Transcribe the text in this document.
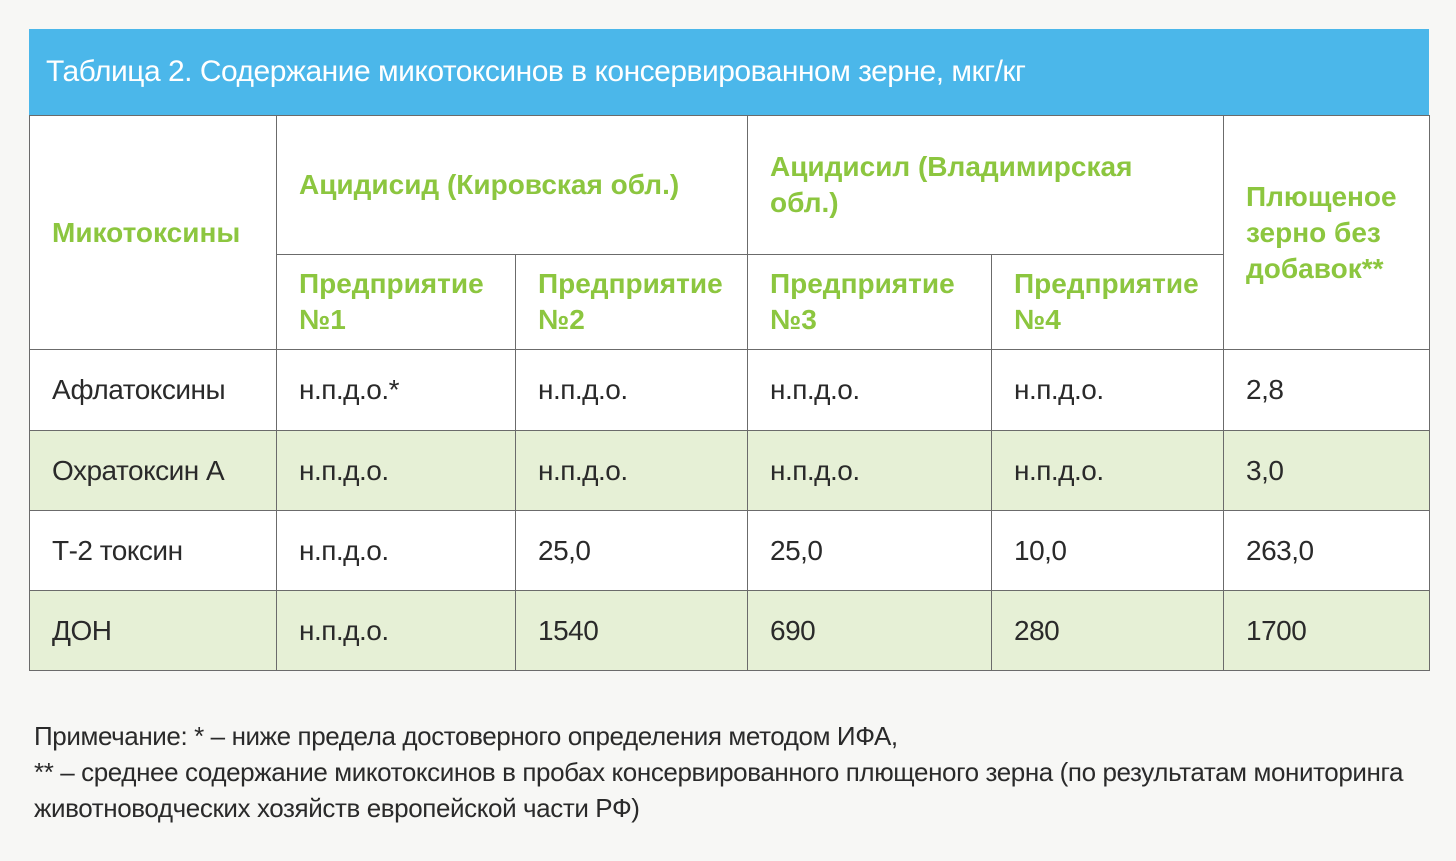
Таблица 2. Содержание микотоксинов в консервированном зерне, мкг/кг
Микотоксины	Ацидисид (Кировская обл.)		Ацидисил (Владимирская обл.)		Плющеное зерно без добавок**
	Предприятие №1	Предприятие №2	Предприятие №3	Предприятие №4	
Афлатоксины	н.п.д.о.*	н.п.д.о.	н.п.д.о.	н.п.д.о.	2,8
Охратоксин А	н.п.д.о.	н.п.д.о.	н.п.д.о.	н.п.д.о.	3,0
Т-2 токсин	н.п.д.о.	25,0	25,0	10,0	263,0
ДОН	н.п.д.о.	1540	690	280	1700
Примечание: * – ниже предела достоверного определения методом ИФА,
** – среднее содержание микотоксинов в пробах консервированного плющеного зерна (по результатам мониторинга
животноводческих хозяйств европейской части РФ)
